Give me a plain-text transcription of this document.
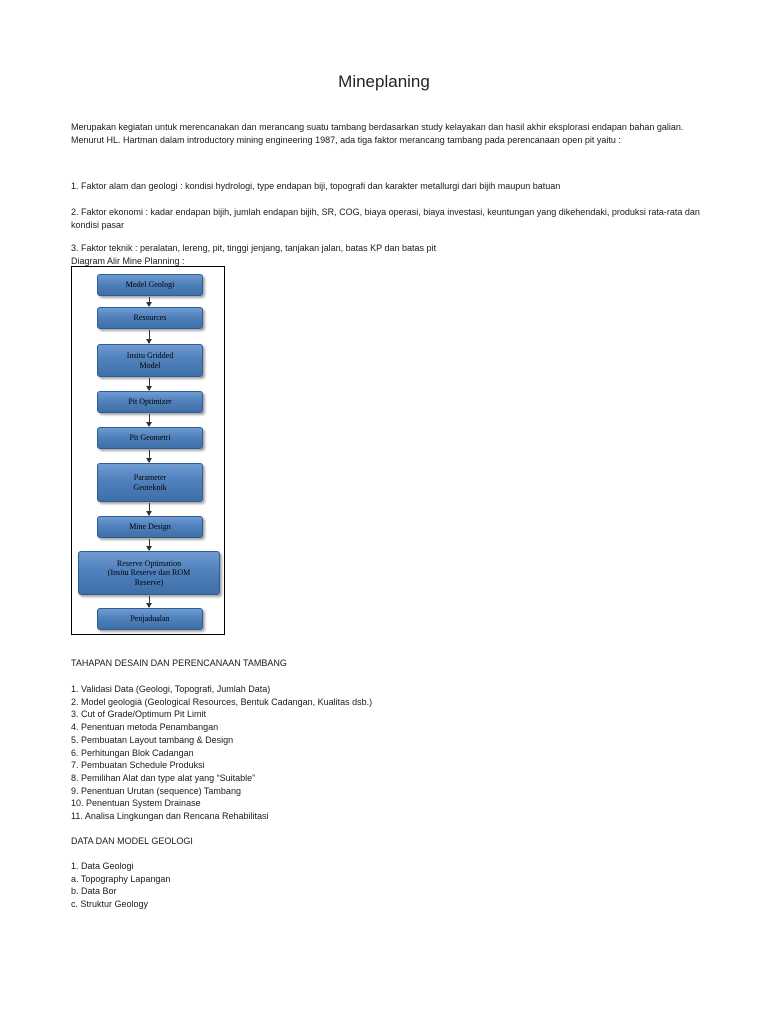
Mineplaning
Merupakan kegiatan untuk merencanakan dan merancang suatu tambang berdasarkan study kelayakan dan hasil akhir eksplorasi endapan bahan galian. Menurut HL. Hartman dalam introductory mining engineering 1987, ada tiga faktor merancang tambang pada perencanaan open pit yaitu :
1. Faktor alam dan geologi : kondisi hydrologi, type endapan biji, topografi dan karakter metallurgi dari bijih maupun batuan
2. Faktor ekonomi : kadar endapan bijih, jumlah endapan bijih, SR, COG, biaya operasi, biaya investasi, keuntungan yang dikehendaki, produksi rata-rata dan kondisi pasar
3. Faktor teknik : peralatan, lereng, pit, tinggi jenjang, tanjakan jalan, batas KP dan batas pit
Diagram Alir Mine Planning :
Model Geologi
Resources
Insitu Gridded
Model
Pit Optimizer
Pit Geometri
Parameter
Geoteknik
Mine Design
Reserve Optimation
(Insitu Reserve dan ROM
Reserve)
Penjadualan
TAHAPAN DESAIN DAN PERENCANAAN TAMBANG
1. Validasi Data (Geologi, Topografi, Jumlah Data)
2. Model geologià (Geological Resources, Bentuk Cadangan, Kualitas dsb.)
3. Cut of Grade/Optimum Pit Limit
4. Penentuan metoda Penambangan
5. Pembuatan Layout tambang & Design
6. Perhitungan Blok Cadangan
7. Pembuatan Schedule Produksi
8. Pemilihan Alat dan type alat yang “Suitable”
9. Penentuan Urutan (sequence) Tambang
10. Penentuan System Drainase
11. Analisa Lingkungan dan Rencana Rehabilitasi
DATA DAN MODEL GEOLOGI
1. Data Geologi
a. Topography Lapangan
b. Data Bor
c. Struktur Geology
